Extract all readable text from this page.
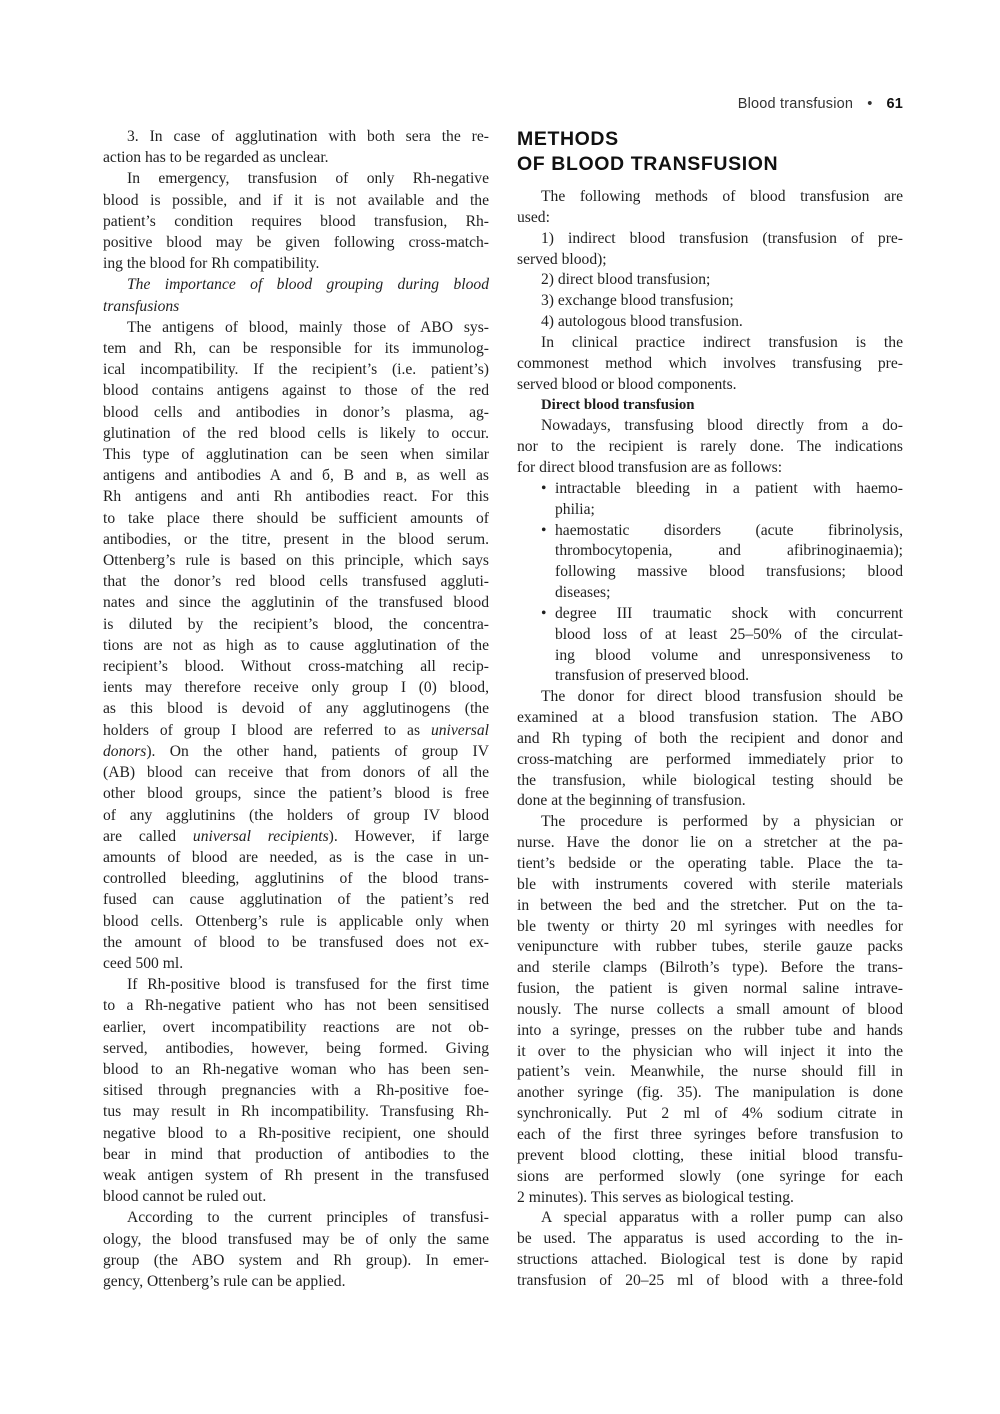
Blood transfusion • 61
METHODS
OF BLOOD TRANSFUSION
3. In case of agglutination with both sera the re-
action has to be regarded as unclear.
In emergency, transfusion of only Rh-negative
blood is possible, and if it is not available and the
patient’s condition requires blood transfusion, Rh-
positive blood may be given following cross-match-
ing the blood for Rh compatibility.
The importance of blood grouping during blood
transfusions
The antigens of blood, mainly those of ABO sys-
tem and Rh, can be responsible for its immunolog-
ical incompatibility. If the recipient’s (i.e. patient’s)
blood contains antigens against to those of the red
blood cells and antibodies in donor’s plasma, ag-
glutination of the red blood cells is likely to occur.
This type of agglutination can be seen when similar
antigens and antibodies A and б, B and в, as well as
Rh antigens and anti Rh antibodies react. For this
to take place there should be sufficient amounts of
antibodies, or the titre, present in the blood serum.
Ottenberg’s rule is based on this principle, which says
that the donor’s red blood cells transfused aggluti-
nates and since the agglutinin of the transfused blood
is diluted by the recipient’s blood, the concentra-
tions are not as high as to cause agglutination of the
recipient’s blood. Without cross-matching all recip-
ients may therefore receive only group I (0) blood,
as this blood is devoid of any agglutinogens (the
holders of group I blood are referred to as universal
donors). On the other hand, patients of group IV
(AB) blood can receive that from donors of all the
other blood groups, since the patient’s blood is free
of any agglutinins (the holders of group IV blood
are called universal recipients). However, if large
amounts of blood are needed, as is the case in un-
controlled bleeding, agglutinins of the blood trans-
fused can cause agglutination of the patient’s red
blood cells. Ottenberg’s rule is applicable only when
the amount of blood to be transfused does not ex-
ceed 500 ml.
If Rh-positive blood is transfused for the first time
to a Rh-negative patient who has not been sensitised
earlier, overt incompatibility reactions are not ob-
served, antibodies, however, being formed. Giving
blood to an Rh-negative woman who has been sen-
sitised through pregnancies with a Rh-positive foe-
tus may result in Rh incompatibility. Transfusing Rh-
negative blood to a Rh-positive recipient, one should
bear in mind that production of antibodies to the
weak antigen system of Rh present in the transfused
blood cannot be ruled out.
According to the current principles of transfusi-
ology, the blood transfused may be of only the same
group (the ABO system and Rh group). In emer-
gency, Ottenberg’s rule can be applied.
The following methods of blood transfusion are
used:
1) indirect blood transfusion (transfusion of pre-
served blood);
2) direct blood transfusion;
3) exchange blood transfusion;
4) autologous blood transfusion.
In clinical practice indirect transfusion is the
commonest method which involves transfusing pre-
served blood or blood components.
Direct blood transfusion
Nowadays, transfusing blood directly from a do-
nor to the recipient is rarely done. The indications
for direct blood transfusion are as follows:
• intractable bleeding in a patient with haemo-
philia;
• haemostatic disorders (acute fibrinolysis,
thrombocytopenia, and afibrinoginaemia);
following massive blood transfusions; blood
diseases;
• degree III traumatic shock with concurrent
blood loss of at least 25–50% of the circulat-
ing blood volume and unresponsiveness to
transfusion of preserved blood.
The donor for direct blood transfusion should be
examined at a blood transfusion station. The ABO
and Rh typing of both the recipient and donor and
cross-matching are performed immediately prior to
the transfusion, while biological testing should be
done at the beginning of transfusion.
The procedure is performed by a physician or
nurse. Have the donor lie on a stretcher at the pa-
tient’s bedside or the operating table. Place the ta-
ble with instruments covered with sterile materials
in between the bed and the stretcher. Put on the ta-
ble twenty or thirty 20 ml syringes with needles for
venipuncture with rubber tubes, sterile gauze packs
and sterile clamps (Bilroth’s type). Before the trans-
fusion, the patient is given normal saline intrave-
nously. The nurse collects a small amount of blood
into a syringe, presses on the rubber tube and hands
it over to the physician who will inject it into the
patient’s vein. Meanwhile, the nurse should fill in
another syringe (fig. 35). The manipulation is done
synchronically. Put 2 ml of 4% sodium citrate in
each of the first three syringes before transfusion to
prevent blood clotting, these initial blood transfu-
sions are performed slowly (one syringe for each
2 minutes). This serves as biological testing.
A special apparatus with a roller pump can also
be used. The apparatus is used according to the in-
structions attached. Biological test is done by rapid
transfusion of 20–25 ml of blood with a three-fold
